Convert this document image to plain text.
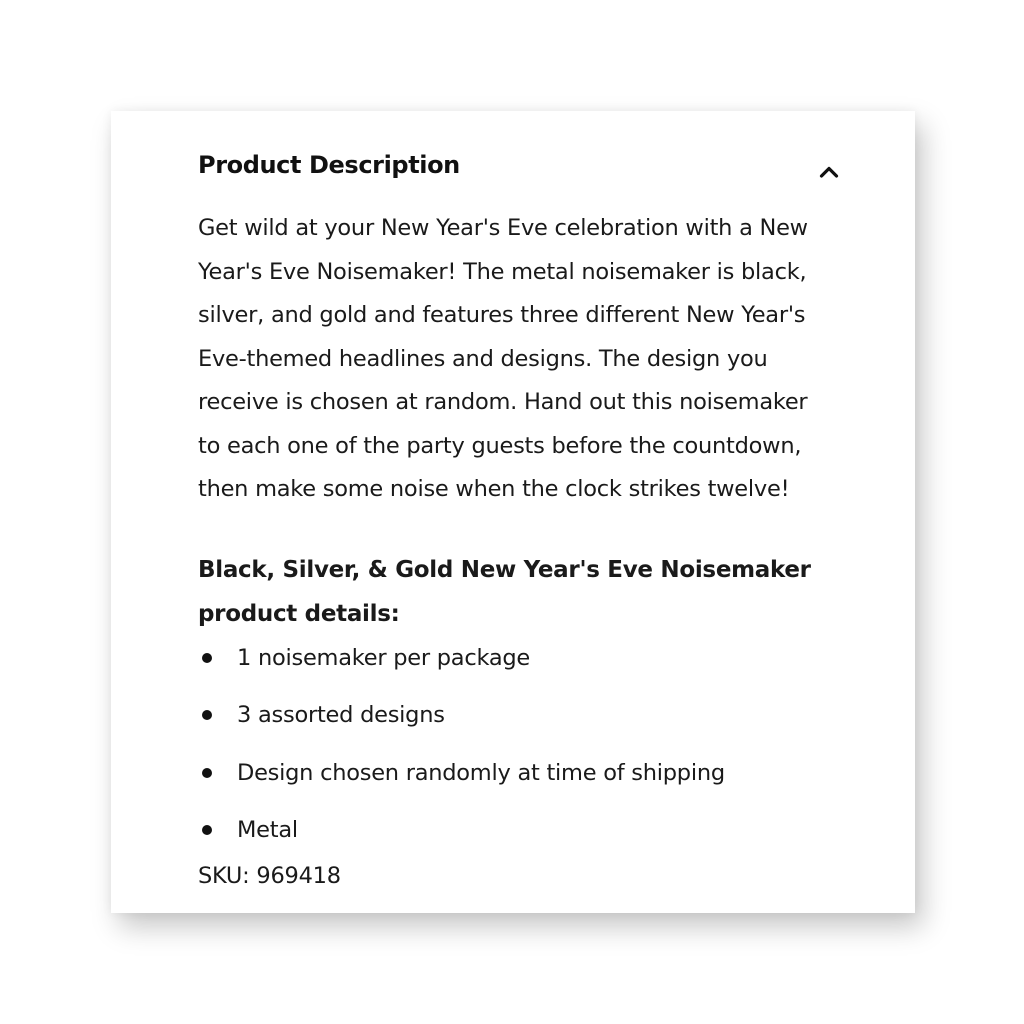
Product Description

Get wild at your New Year's Eve celebration with a New
Year's Eve Noisemaker! The metal noisemaker is black,
silver, and gold and features three different New Year's
Eve-themed headlines and designs. The design you
receive is chosen at random. Hand out this noisemaker
to each one of the party guests before the countdown,
then make some noise when the clock strikes twelve!

Black, Silver, & Gold New Year's Eve Noisemaker
product details:

1 noisemaker per package
3 assorted designs
Design chosen randomly at time of shipping
Metal
SKU: 969418
